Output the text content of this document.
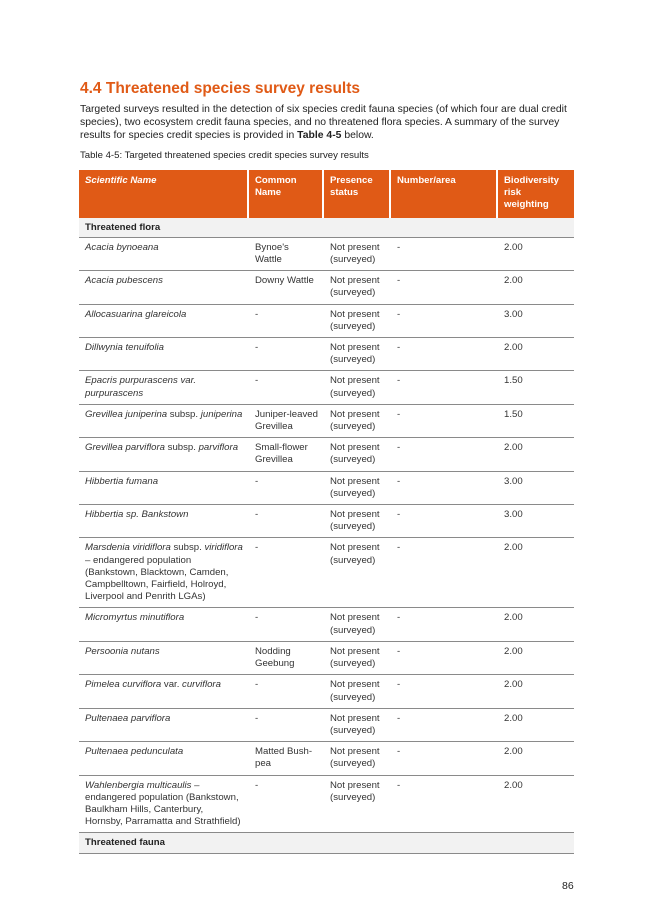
4.4 Threatened species survey results

Targeted surveys resulted in the detection of six species credit fauna species (of which four are dual credit species), two ecosystem credit fauna species, and no threatened flora species. A summary of the survey results for species credit species is provided in Table 4-5 below.

Table 4-5: Targeted threatened species credit species survey results

Scientific Name	Common Name	Presence status	Number/area	Biodiversity risk weighting
Threatened flora				
Acacia bynoeana	Bynoe's Wattle	Not present (surveyed)	-	2.00
Acacia pubescens	Downy Wattle	Not present (surveyed)	-	2.00
Allocasuarina glareicola	-	Not present (surveyed)	-	3.00
Dillwynia tenuifolia	-	Not present (surveyed)	-	2.00
Epacris purpurascens var. purpurascens	-	Not present (surveyed)	-	1.50
Grevillea juniperina subsp. juniperina	Juniper-leaved Grevillea	Not present (surveyed)	-	1.50
Grevillea parviflora subsp. parviflora	Small-flower Grevillea	Not present (surveyed)	-	2.00
Hibbertia fumana	-	Not present (surveyed)	-	3.00
Hibbertia sp. Bankstown	-	Not present (surveyed)	-	3.00
Marsdenia viridiflora subsp. viridiflora – endangered population (Bankstown, Blacktown, Camden, Campbelltown, Fairfield, Holroyd, Liverpool and Penrith LGAs)	-	Not present (surveyed)	-	2.00
Micromyrtus minutiflora	-	Not present (surveyed)	-	2.00
Persoonia nutans	Nodding Geebung	Not present (surveyed)	-	2.00
Pimelea curviflora var. curviflora	-	Not present (surveyed)	-	2.00
Pultenaea parviflora	-	Not present (surveyed)	-	2.00
Pultenaea pedunculata	Matted Bush-pea	Not present (surveyed)	-	2.00
Wahlenbergia multicaulis – endangered population (Bankstown, Baulkham Hills, Canterbury, Hornsby, Parramatta and Strathfield)	-	Not present (surveyed)	-	2.00
Threatened fauna				
86
